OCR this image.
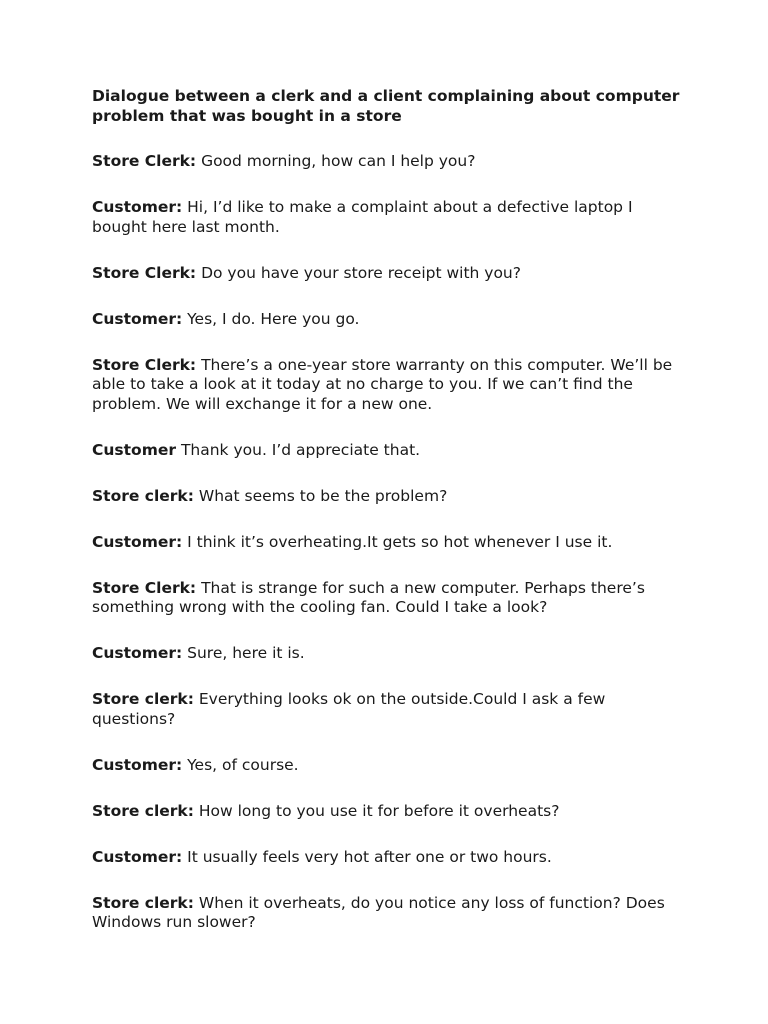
Dialogue between a clerk and a client complaining about computer problem that was bought in a store

Store Clerk: Good morning, how can I help you?

Customer: Hi, I’d like to make a complaint about a defective laptop I bought here last month.

Store Clerk: Do you have your store receipt with you?

Customer: Yes, I do. Here you go.

Store Clerk: There’s a one-year store warranty on this computer. We’ll be able to take a look at it today at no charge to you. If we can’t find the problem. We will exchange it for a new one.

Customer Thank you. I’d appreciate that.

Store clerk: What seems to be the problem?

Customer: I think it’s overheating.It gets so hot whenever I use it.

Store Clerk: That is strange for such a new computer. Perhaps there’s something wrong with the cooling fan. Could I take a look?

Customer: Sure, here it is.

Store clerk: Everything looks ok on the outside.Could I ask a few questions?

Customer: Yes, of course.

Store clerk: How long to you use it for before it overheats?

Customer: It usually feels very hot after one or two hours.

Store clerk: When it overheats, do you notice any loss of function? Does Windows run slower?
